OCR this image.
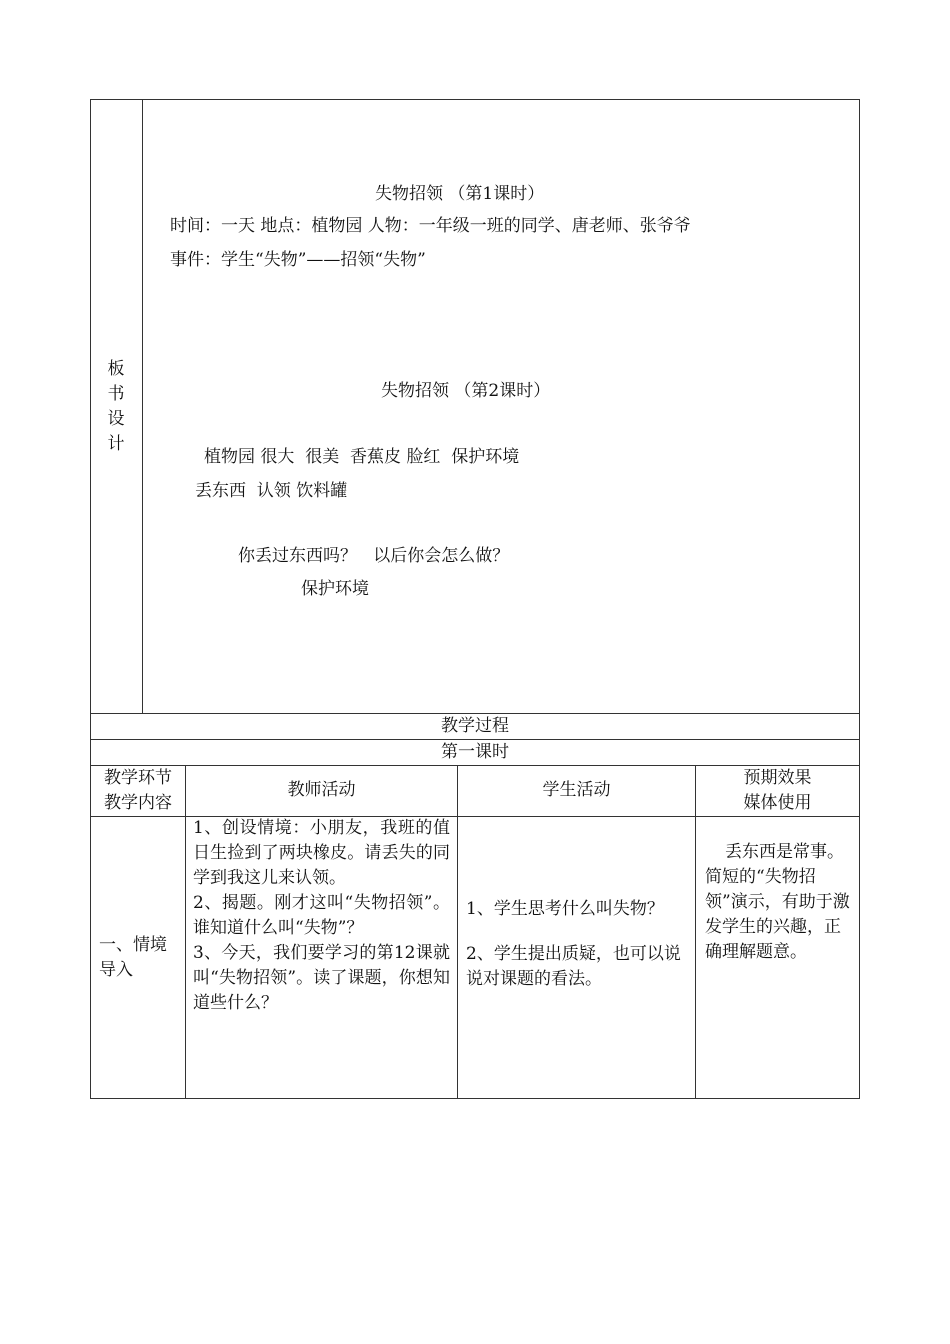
板
书
设
计
失物招领 （第1课时）
时间：一天 地点：植物园 人物：一年级一班的同学、唐老师、张爷爷
事件：学生“失物”——招领“失物”
失物招领 （第2课时）
植物园 很大  很美  香蕉皮 脸红  保护环境
丢东西  认领 饮料罐
你丢过东西吗？   以后你会怎么做？
保护环境
教学过程
第一课时
教学环节
教学内容
教师活动	学生活动
预期效果
媒体使用
一、情境导入
1、创设情境：小朋友，我班的值日生捡到了两块橡皮。请丢失的同学到我这儿来认领。
2、揭题。刚才这叫“失物招领”。谁知道什么叫“失物”？
3、今天，我们要学习的第12课就叫“失物招领”。读了课题，你想知道些什么？
1、学生思考什么叫失物？
2、学生提出质疑，也可以说说对课题的看法。
丢东西是常事。简短的“失物招领”演示，有助于激发学生的兴趣，正确理解题意。
